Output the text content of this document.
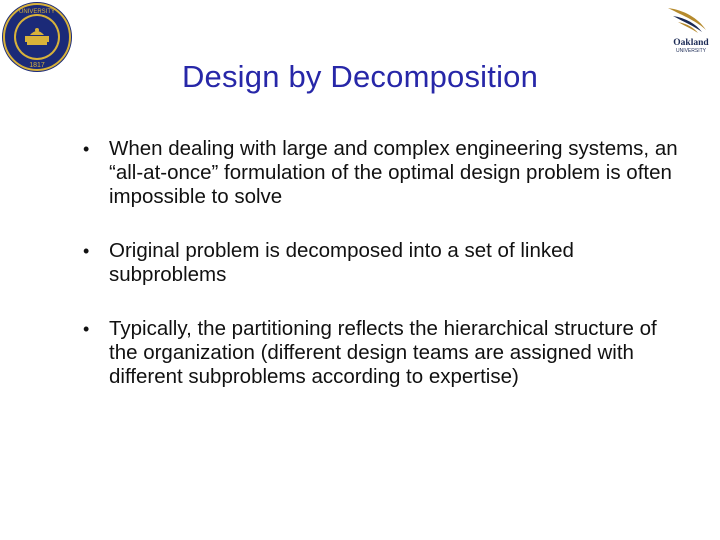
UNIVERSITY
1817
Oakland
UNIVERSITY
Design by Decomposition
• When dealing with large and complex engineering systems, an “all-at-once” formulation of the optimal design problem is often impossible to solve
• Original problem is decomposed into a set of linked subproblems
• Typically, the partitioning reflects the hierarchical structure of the organization (different design teams are assigned with different subproblems according to expertise)
